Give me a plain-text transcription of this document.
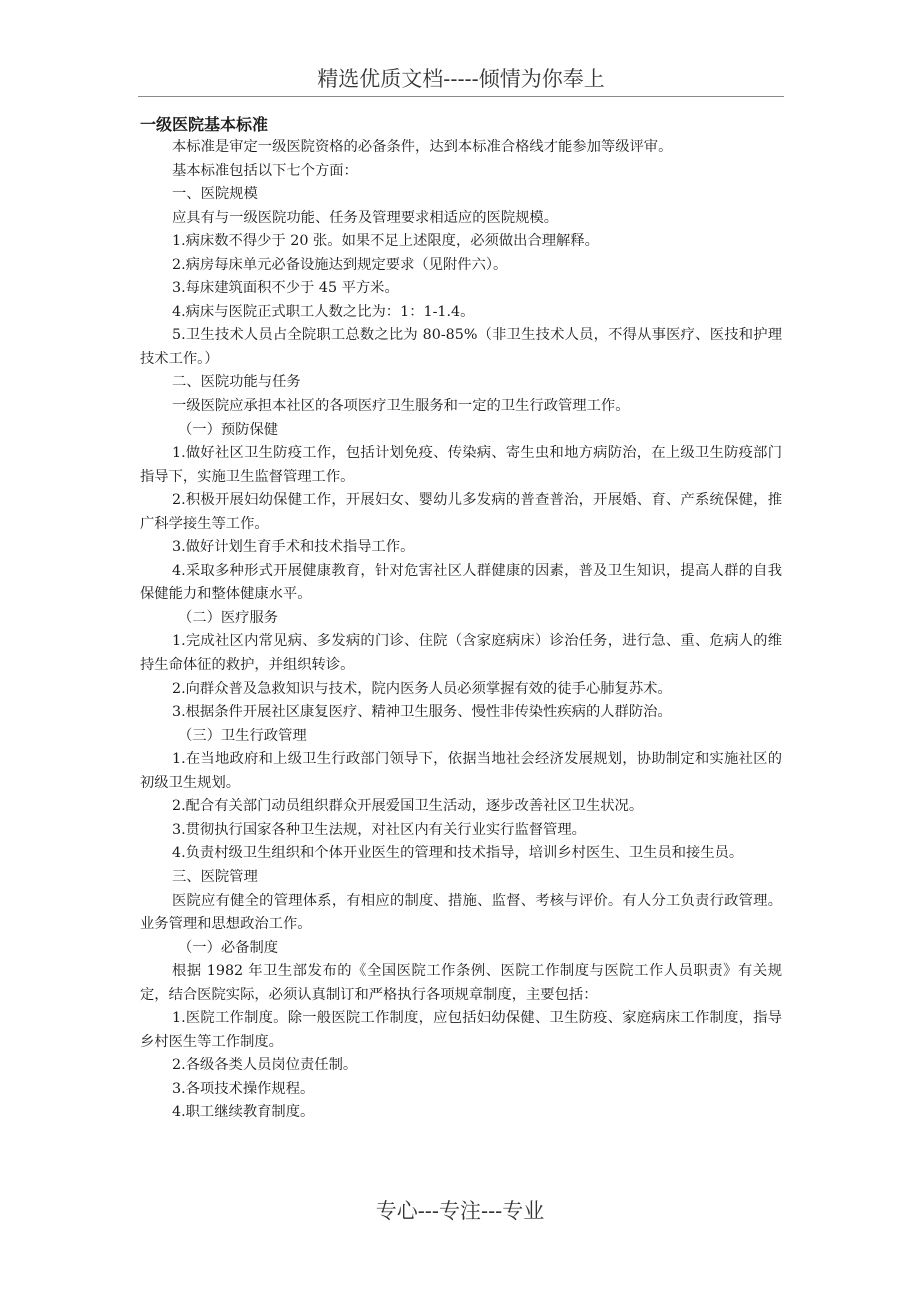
精选优质文档-----倾情为你奉上
一级医院基本标准

本标准是审定一级医院资格的必备条件，达到本标准合格线才能参加等级评审。

基本标准包括以下七个方面：

一、医院规模

应具有与一级医院功能、任务及管理要求相适应的医院规模。

1.病床数不得少于 20 张。如果不足上述限度，必须做出合理解释。

2.病房每床单元必备设施达到规定要求（见附件六）。

3.每床建筑面积不少于 45 平方米。

4.病床与医院正式职工人数之比为：1：1-1.4。

5.卫生技术人员占全院职工总数之比为 80-85%（非卫生技术人员，不得从事医疗、医技和护理技术工作。）

二、医院功能与任务

一级医院应承担本社区的各项医疗卫生服务和一定的卫生行政管理工作。

（一）预防保健

1.做好社区卫生防疫工作，包括计划免疫、传染病、寄生虫和地方病防治，在上级卫生防疫部门指导下，实施卫生监督管理工作。

2.积极开展妇幼保健工作，开展妇女、婴幼儿多发病的普查普治，开展婚、育、产系统保健，推广科学接生等工作。

3.做好计划生育手术和技术指导工作。

4.采取多种形式开展健康教育，针对危害社区人群健康的因素，普及卫生知识，提高人群的自我保健能力和整体健康水平。

（二）医疗服务

1.完成社区内常见病、多发病的门诊、住院（含家庭病床）诊治任务，进行急、重、危病人的维持生命体征的救护，并组织转诊。

2.向群众普及急救知识与技术，院内医务人员必须掌握有效的徒手心肺复苏术。

3.根据条件开展社区康复医疗、精神卫生服务、慢性非传染性疾病的人群防治。

（三）卫生行政管理

1.在当地政府和上级卫生行政部门领导下，依据当地社会经济发展规划，协助制定和实施社区的初级卫生规划。

2.配合有关部门动员组织群众开展爱国卫生活动，逐步改善社区卫生状况。

3.贯彻执行国家各种卫生法规，对社区内有关行业实行监督管理。

4.负责村级卫生组织和个体开业医生的管理和技术指导，培训乡村医生、卫生员和接生员。

三、医院管理

医院应有健全的管理体系，有相应的制度、措施、监督、考核与评价。有人分工负责行政管理。业务管理和思想政治工作。

（一）必备制度

根据 1982 年卫生部发布的《全国医院工作条例、医院工作制度与医院工作人员职责》有关规定，结合医院实际，必须认真制订和严格执行各项规章制度，主要包括：

1.医院工作制度。除一般医院工作制度，应包括妇幼保健、卫生防疫、家庭病床工作制度，指导乡村医生等工作制度。

2.各级各类人员岗位责任制。

3.各项技术操作规程。

4.职工继续教育制度。

专心---专注---专业
